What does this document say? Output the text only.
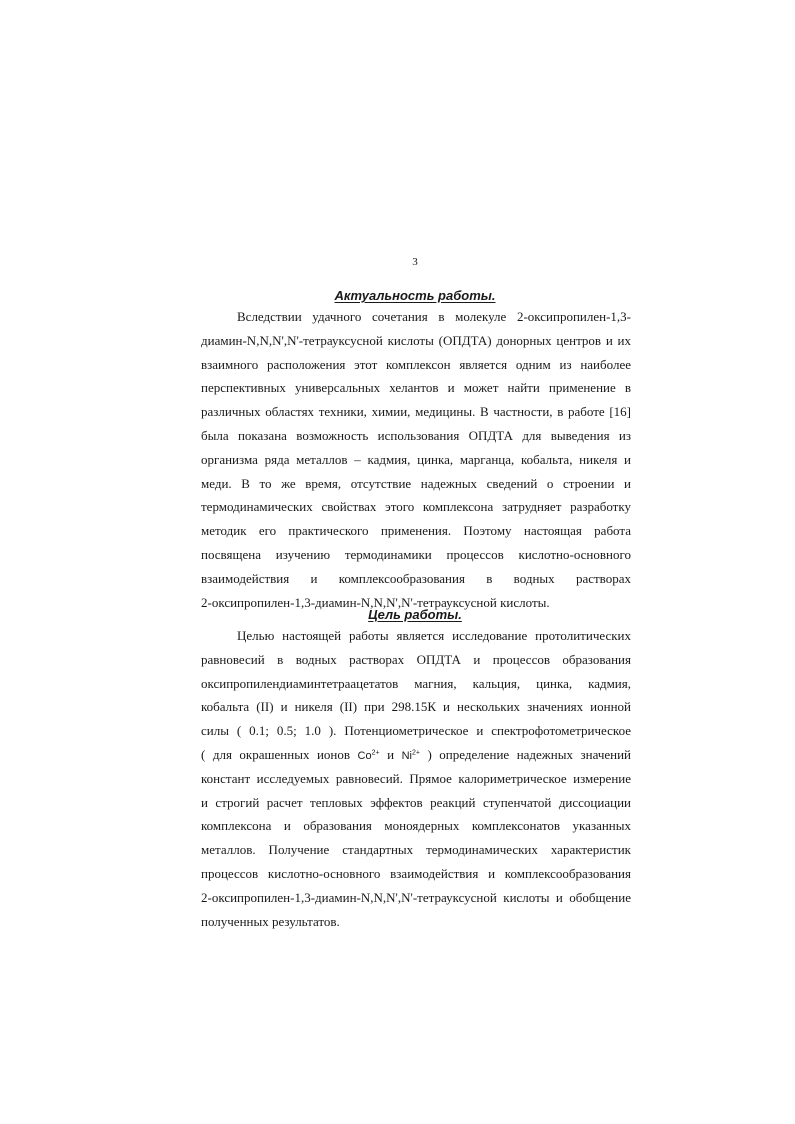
3
Актуальность работы.
Вследствии удачного сочетания в молекуле 2-оксипропилен-1,3-
диамин-N,N,N',N'-тетрауксусной кислоты (ОПДТА) донорных центров и их
взаимного расположения этот комплексон является одним из наиболее
перспективных универсальных хелантов и может найти применение в
различных областях техники, химии, медицины. В частности, в работе [16]
была показана возможность использования ОПДТА для выведения из
организма ряда металлов – кадмия, цинка, марганца, кобальта, никеля и
меди. В то же время, отсутствие надежных сведений о строении и
термодинамических свойствах этого комплексона затрудняет разработку
методик его практического применения. Поэтому настоящая работа
посвящена изучению термодинамики процессов кислотно-основного
взаимодействия и комплексообразования в водных растворах
2-оксипропилен-1,3-диамин-N,N,N',N'-тетрауксусной кислоты.
Цель работы.
Целью настоящей работы является исследование протолитических
равновесий в водных растворах ОПДТА и процессов образования
оксипропилендиаминтетраацетатов магния, кальция, цинка, кадмия,
кобальта (II) и никеля (II) при 298.15К и нескольких значениях ионной
силы ( 0.1; 0.5; 1.0 ). Потенциометрическое и спектрофотометрическое
( для окрашенных ионов $Co^{2+}$ и $Ni^{2+}$ ) определение надежных значений
констант исследуемых равновесий. Прямое калориметрическое измерение
и строгий расчет тепловых эффектов реакций ступенчатой диссоциации
комплексона и образования моноядерных комплексонатов указанных
металлов. Получение стандартных термодинамических характеристик
процессов кислотно-основного взаимодействия и комплексообразования
2-оксипропилен-1,3-диамин-N,N,N',N'-тетрауксусной кислоты и обобщение
полученных результатов.
